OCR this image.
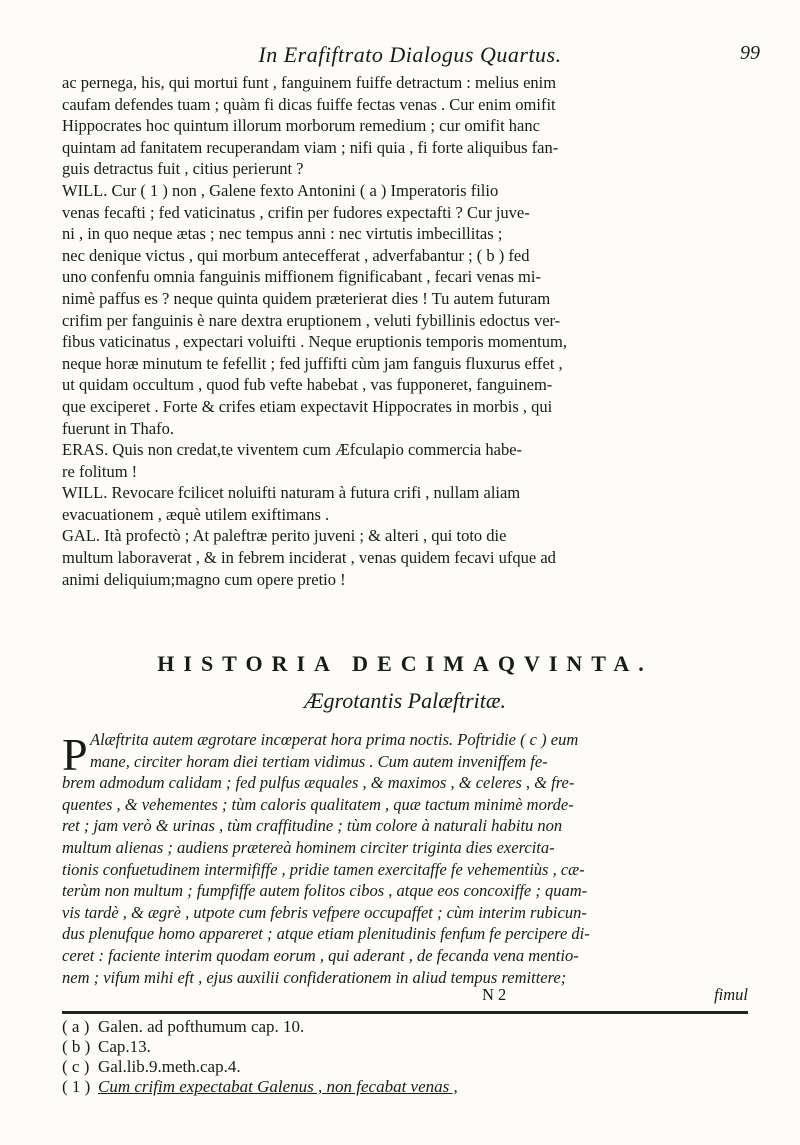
In Erafiftrato Dialogus Quartus.	99
ac pernega, his, qui mortui funt , fanguinem fuiffe detractum : melius enim
caufam defendes tuam ; quàm fi dicas fuiffe fectas venas . Cur enim omifit
Hippocrates hoc quintum illorum morborum remedium ; cur omifit hanc
quintam ad fanitatem recuperandam viam ; nifi quia , fi forte aliquibus fan-
guis detractus fuit , citius perierunt ?
WILL. Cur ( 1 ) non , Galene fexto Antonini ( a ) Imperatoris filio
venas fecafti ; fed vaticinatus , crifin per fudores expectafti ? Cur juve-
ni , in quo neque ætas ; nec tempus anni : nec virtutis imbecillitas ;
nec denique victus , qui morbum antecefferat , adverfabantur ; ( b ) fed
uno confenfu omnia fanguinis miffionem fignificabant , fecari venas mi-
nimè paffus es ? neque quinta quidem præterierat dies ! Tu autem futuram
crifim per fanguinis è nare dextra eruptionem , veluti fybillinis edoctus ver-
fibus vaticinatus , expectari voluifti . Neque eruptionis temporis momentum,
neque horæ minutum te fefellit ; fed juffifti cùm jam fanguis fluxurus effet ,
ut quidam occultum , quod fub vefte habebat , vas fupponeret, fanguinem-
que exciperet . Forte & crifes etiam expectavit Hippocrates in morbis , qui
fuerunt in Thafo.
ERAS. Quis non credat,te viventem cum Æfculapio commercia habe-
re folitum !
WILL. Revocare fcilicet noluifti naturam à futura crifi , nullam aliam
evacuationem , æquè utilem exiftimans .
GAL. Ità profectò ; At paleftræ perito juveni ; & alteri , qui toto die
multum laboraverat , & in febrem inciderat , venas quidem fecavi ufque ad
animi deliquium;magno cum opere pretio !
HISTORIA DECIMAQVINTA.
Ægrotantis Palæftritæ.
P Alæftrita autem ægrotare incœperat hora prima noctis. Poftridie ( c ) eum
mane, circiter horam diei tertiam vidimus . Cum autem inveniffem fe-
brem admodum calidam ; fed pulfus æquales , & maximos , & celeres , & fre-
quentes , & vehementes ; tùm caloris qualitatem , quæ tactum minimè morde-
ret ; jam verò & urinas , tùm craffitudine ; tùm colore à naturali habitu non
multum alienas ; audiens prætereà hominem circiter triginta dies exercita-
tionis confuetudinem intermififfe , pridie tamen exercitaffe fe vehementiùs , cæ-
terùm non multum ; fumpfiffe autem folitos cibos , atque eos concoxiffe ; quam-
vis tardè , & ægrè , utpote cum febris vefpere occupaffet ; cùm interim rubicun-
dus plenufque homo appareret ; atque etiam plenitudinis fenfum fe percipere di-
ceret : faciente interim quodam eorum , qui aderant , de fecanda vena mentio-
nem ; vifum mihi eft , ejus auxilii confiderationem in aliud tempus remittere;
N 2	fimul
( a ) Galen. ad pofthumum cap. 10.
( b ) Cap.13.
( c ) Gal.lib.9.meth.cap.4.
( 1 ) Cum crifim expectabat Galenus , non fecabat venas ,
